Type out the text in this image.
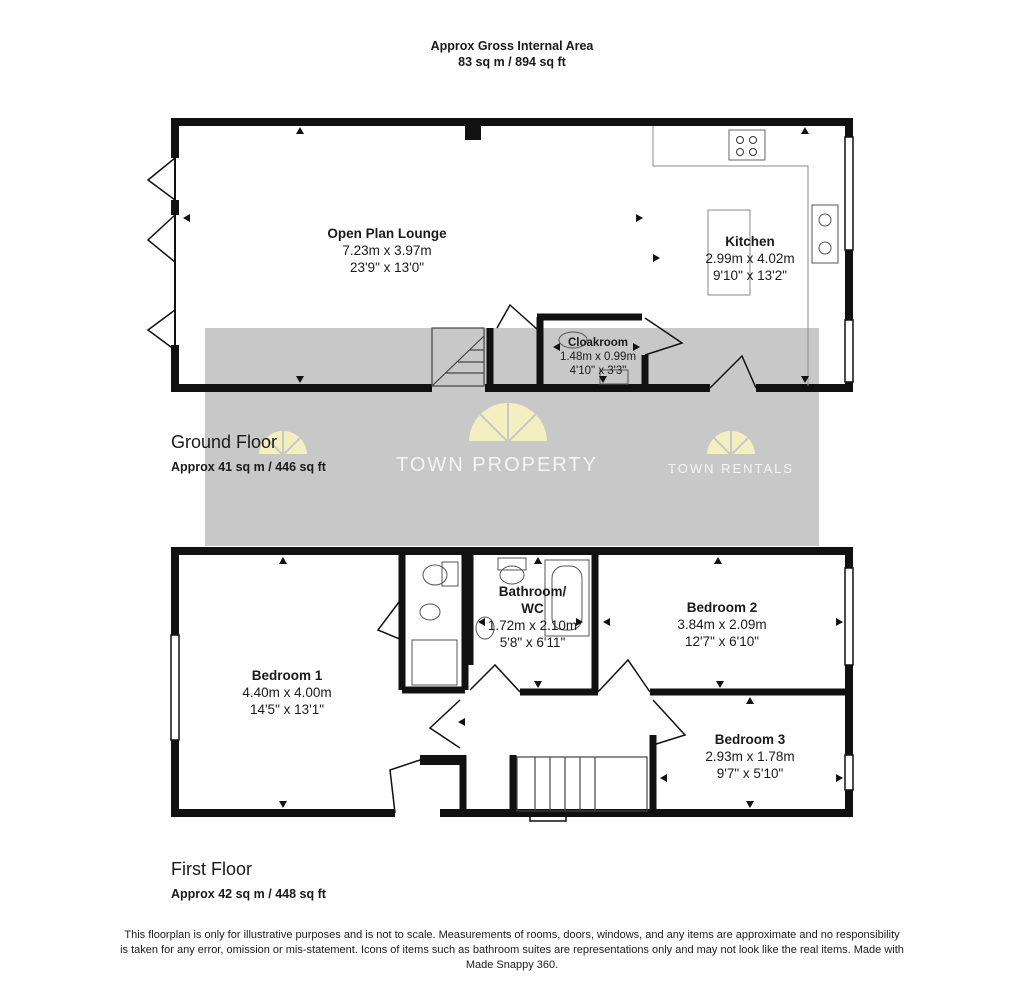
Approx Gross Internal Area
83 sq m / 894 sq ft
TOWN PROPERTY	TOWN RENTALS
Open Plan Lounge
7.23m x 3.97m
23'9" x 13'0"
Kitchen
2.99m x 4.02m
9'10" x 13'2"
Cloakroom
1.48m x 0.99m
4'10" x 3'3"
Ground Floor
Approx 41 sq m / 446 sq ft
Bedroom 1
4.40m x 4.00m
14'5" x 13'1"
Bathroom/
WC
1.72m x 2.10m
5'8" x 6'11"
Bedroom 2
3.84m x 2.09m
12'7" x 6'10"
Bedroom 3
2.93m x 1.78m
9'7" x 5'10"
First Floor
Approx 42 sq m / 448 sq ft
This floorplan is only for illustrative purposes and is not to scale. Measurements of rooms, doors, windows, and any items are approximate and no responsibility is taken for any error, omission or mis-statement. Icons of items such as bathroom suites are representations only and may not look like the real items. Made with Made Snappy 360.
